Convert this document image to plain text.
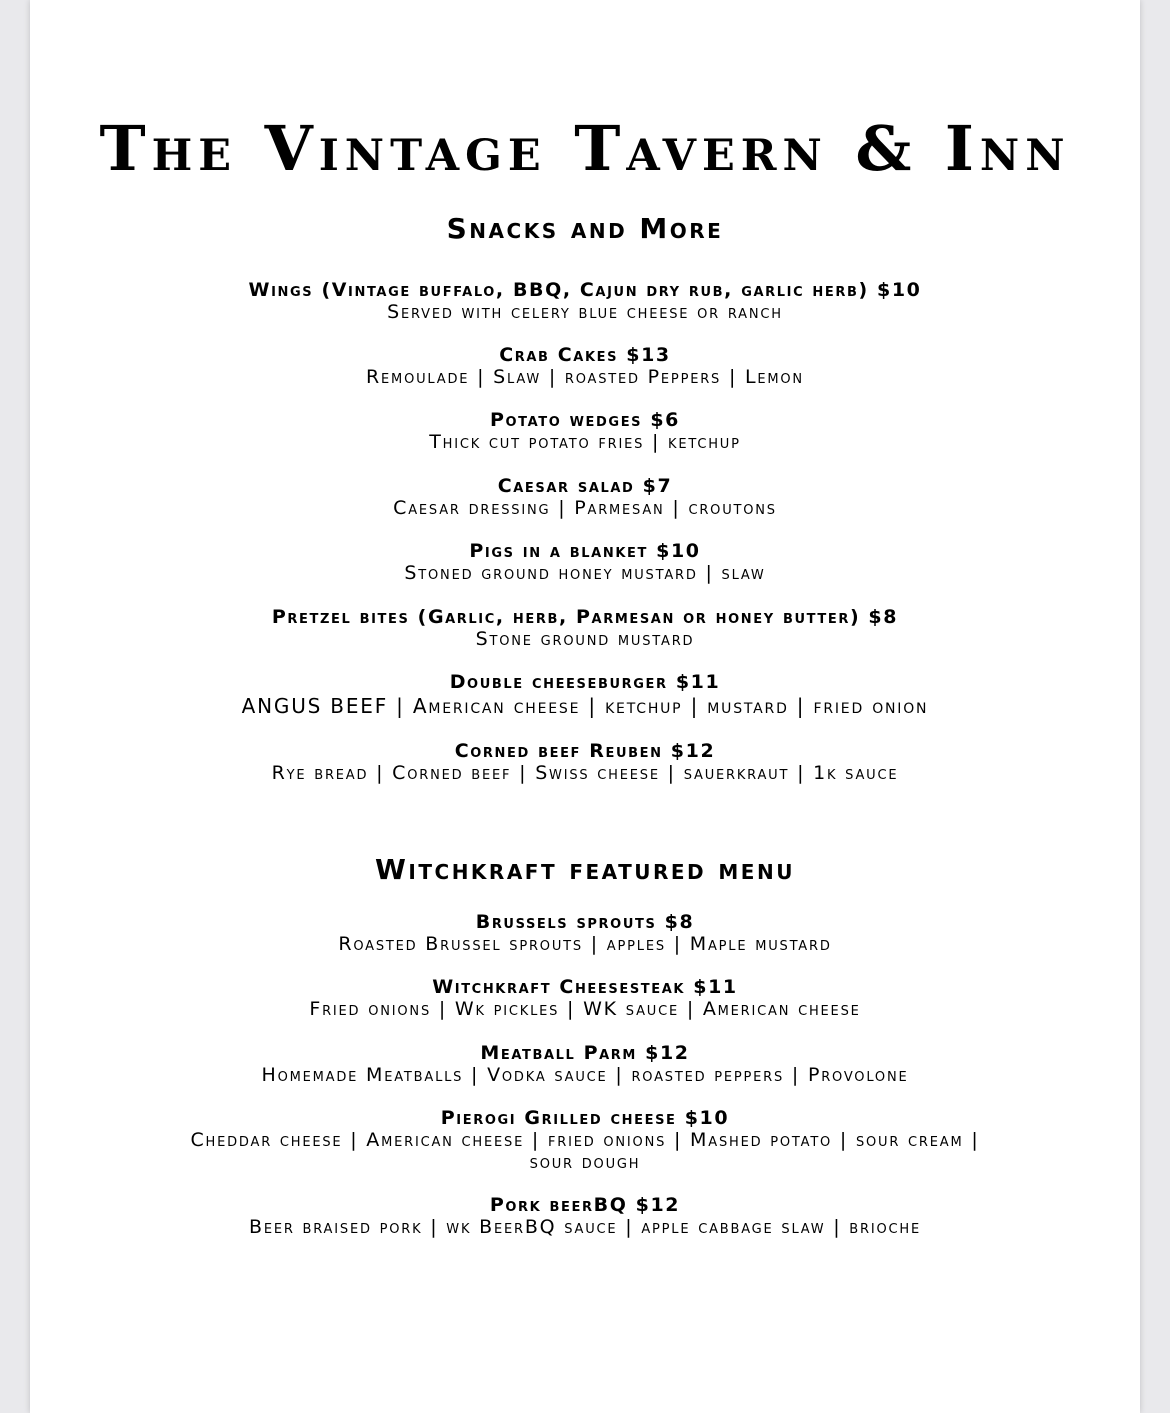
The Vintage Tavern & Inn
Snacks and More
Wings (Vintage buffalo, BBQ, Cajun dry rub, garlic herb) $10
Served with celery blue cheese or ranch
Crab Cakes $13
Remoulade | Slaw | roasted Peppers | Lemon
Potato wedges $6
Thick cut potato fries | ketchup
Caesar salad $7
Caesar dressing | Parmesan | croutons
Pigs in a blanket $10
Stoned ground honey mustard | slaw
Pretzel bites (Garlic, herb, Parmesan or honey butter) $8
Stone ground mustard
Double cheeseburger $11
ANGUS BEEF | American cheese | ketchup | mustard | fried onion
Corned beef Reuben $12
Rye bread | Corned beef | Swiss cheese | sauerkraut | 1k sauce
Witchkraft featured menu
Brussels sprouts $8
Roasted Brussel sprouts | apples | Maple mustard
Witchkraft Cheesesteak $11
Fried onions | Wk pickles | WK sauce | American cheese
Meatball Parm $12
Homemade Meatballs | Vodka sauce | roasted peppers | Provolone
Pierogi Grilled cheese $10
Cheddar cheese | American cheese | fried onions | Mashed potato | sour cream | sour dough
Pork beerBQ $12
Beer braised pork | wk BeerBQ sauce | apple cabbage slaw | brioche
